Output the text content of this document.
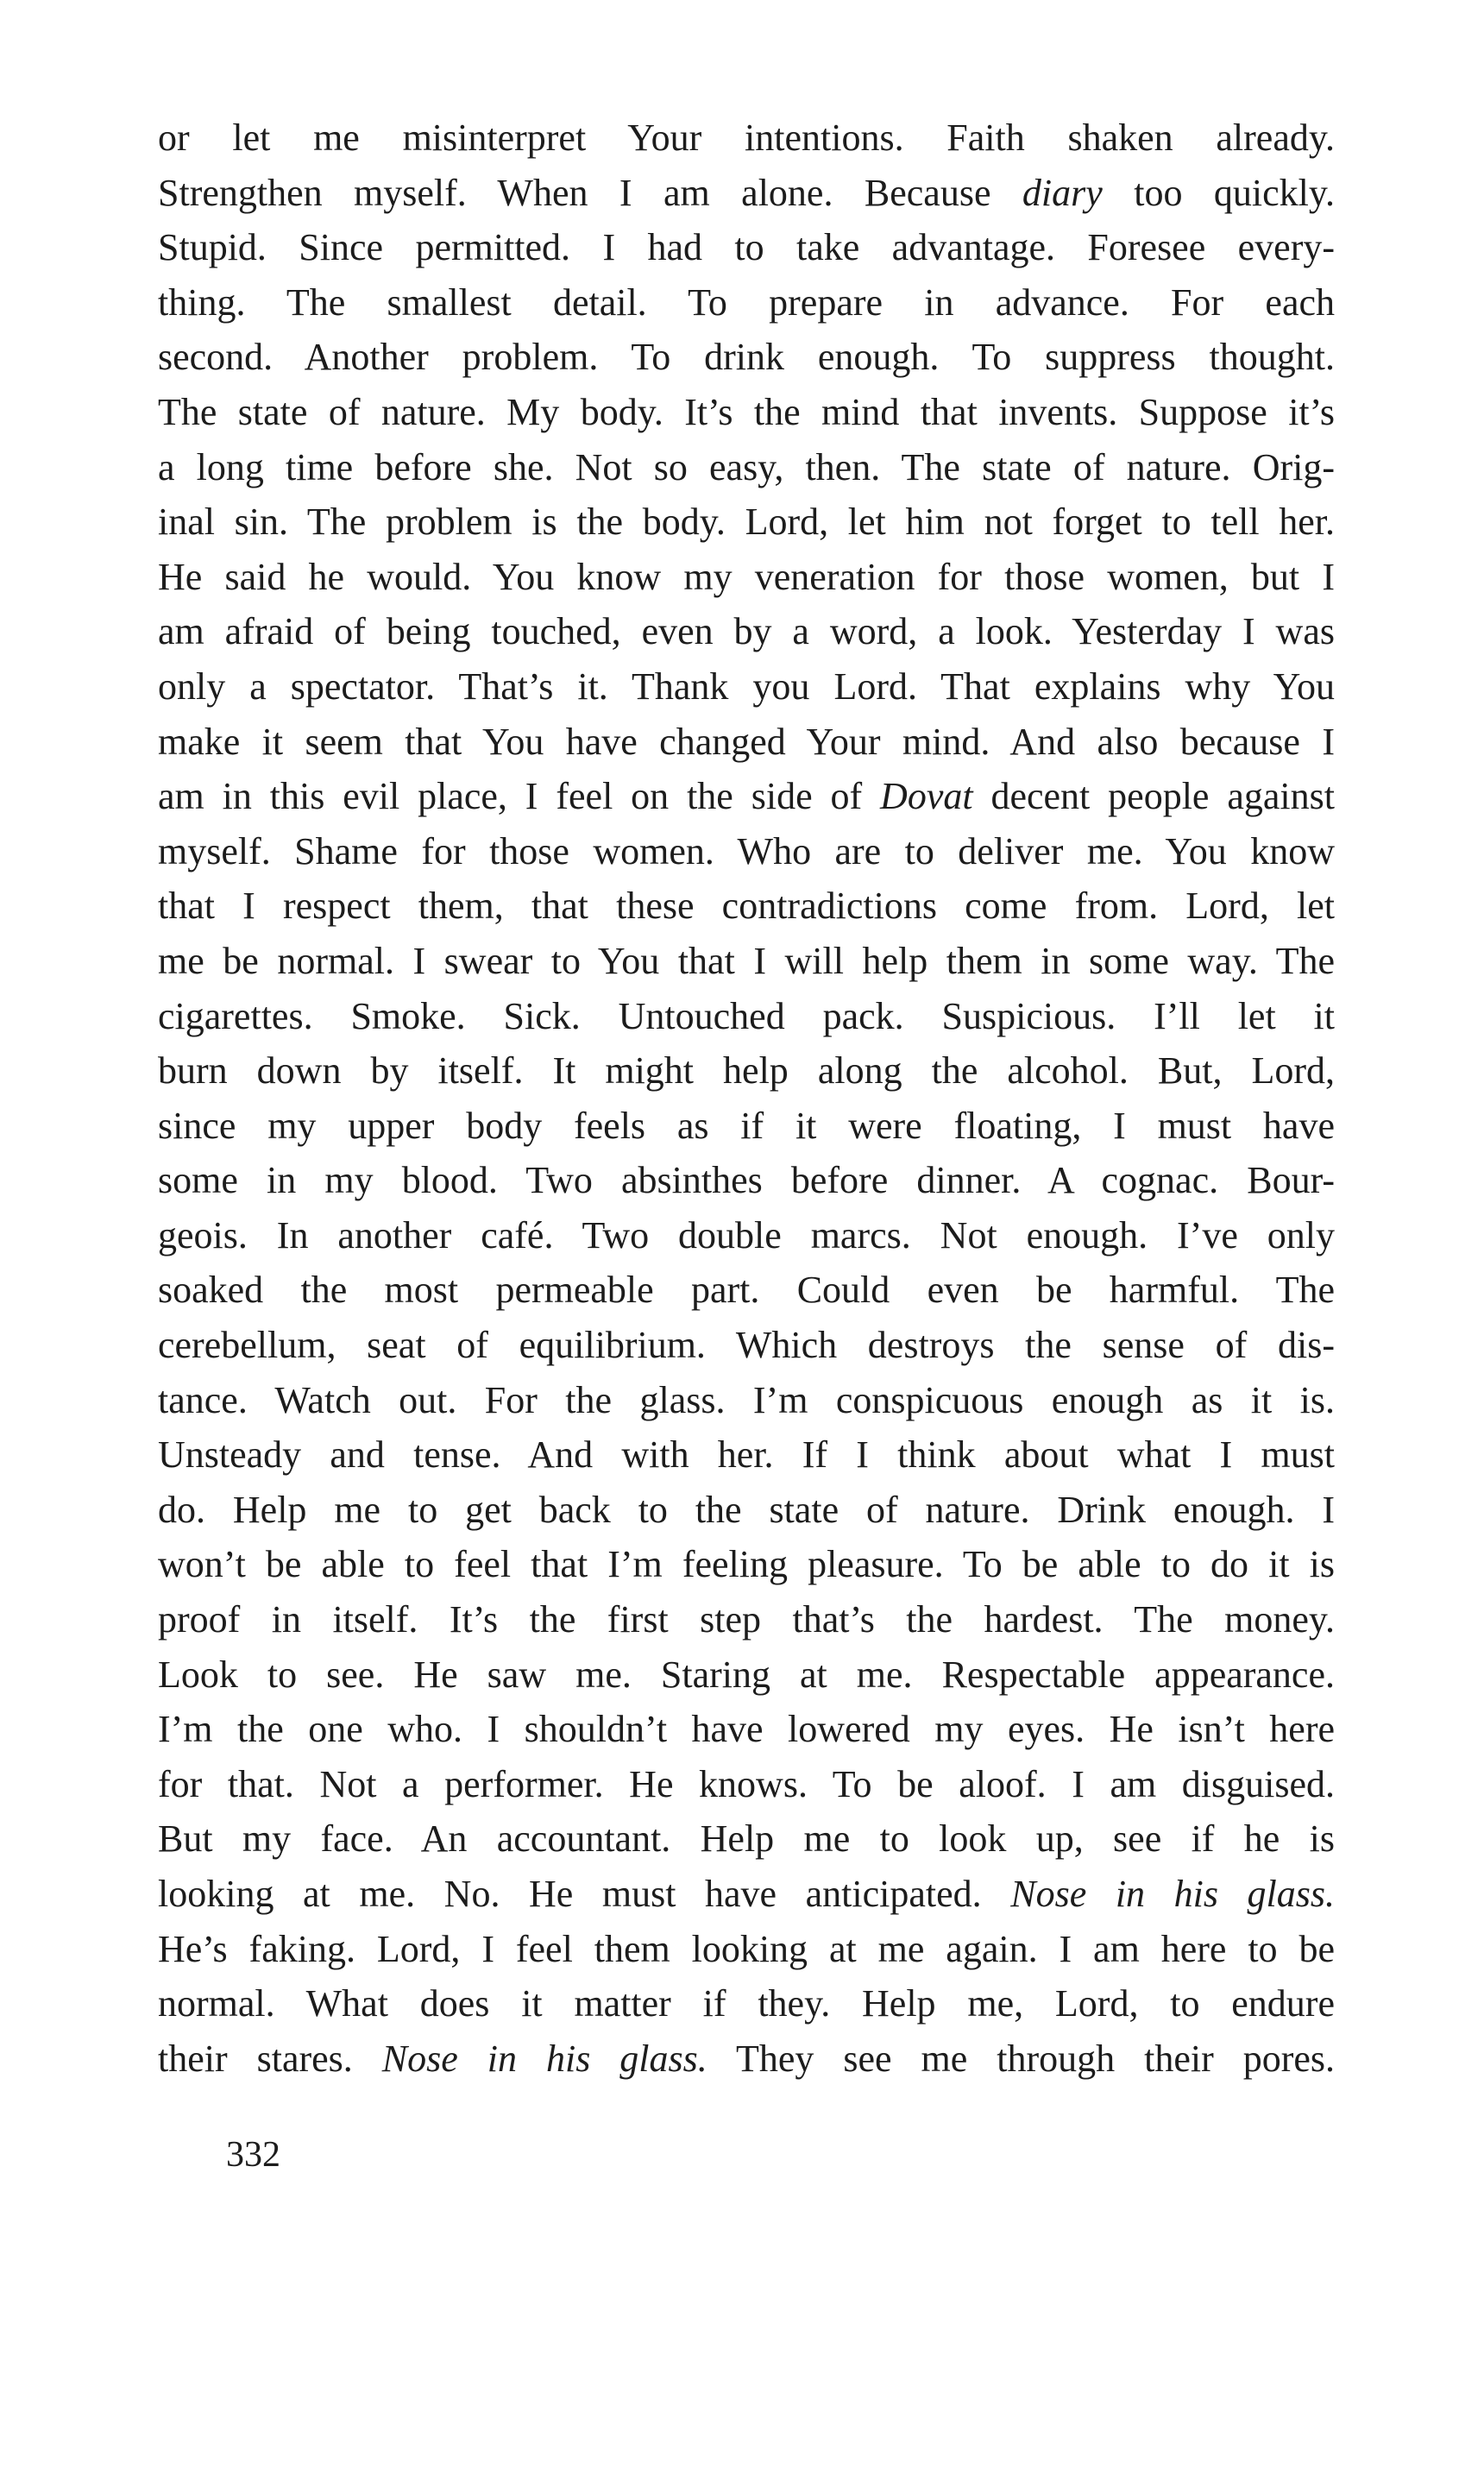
or let me misinterpret Your intentions. Faith shaken already.
Strengthen myself. When I am alone. Because diary too quickly.
Stupid. Since permitted. I had to take advantage. Foresee every-
thing. The smallest detail. To prepare in advance. For each
second. Another problem. To drink enough. To suppress thought.
The state of nature. My body. It’s the mind that invents. Suppose it’s
a long time before she. Not so easy, then. The state of nature. Orig-
inal sin. The problem is the body. Lord, let him not forget to tell her.
He said he would. You know my veneration for those women, but I
am afraid of being touched, even by a word, a look. Yesterday I was
only a spectator. That’s it. Thank you Lord. That explains why You
make it seem that You have changed Your mind. And also because I
am in this evil place, I feel on the side of Dovat decent people against
myself. Shame for those women. Who are to deliver me. You know
that I respect them, that these contradictions come from. Lord, let
me be normal. I swear to You that I will help them in some way. The
cigarettes. Smoke. Sick. Untouched pack. Suspicious. I’ll let it
burn down by itself. It might help along the alcohol. But, Lord,
since my upper body feels as if it were floating, I must have
some in my blood. Two absinthes before dinner. A cognac. Bour-
geois. In another café. Two double marcs. Not enough. I’ve only
soaked the most permeable part. Could even be harmful. The
cerebellum, seat of equilibrium. Which destroys the sense of dis-
tance. Watch out. For the glass. I’m conspicuous enough as it is.
Unsteady and tense. And with her. If I think about what I must
do. Help me to get back to the state of nature. Drink enough. I
won’t be able to feel that I’m feeling pleasure. To be able to do it is
proof in itself. It’s the first step that’s the hardest. The money.
Look to see. He saw me. Staring at me. Respectable appearance.
I’m the one who. I shouldn’t have lowered my eyes. He isn’t here
for that. Not a performer. He knows. To be aloof. I am disguised.
But my face. An accountant. Help me to look up, see if he is
looking at me. No. He must have anticipated. Nose in his glass.
He’s faking. Lord, I feel them looking at me again. I am here to be
normal. What does it matter if they. Help me, Lord, to endure
their stares. Nose in his glass. They see me through their pores.
332
